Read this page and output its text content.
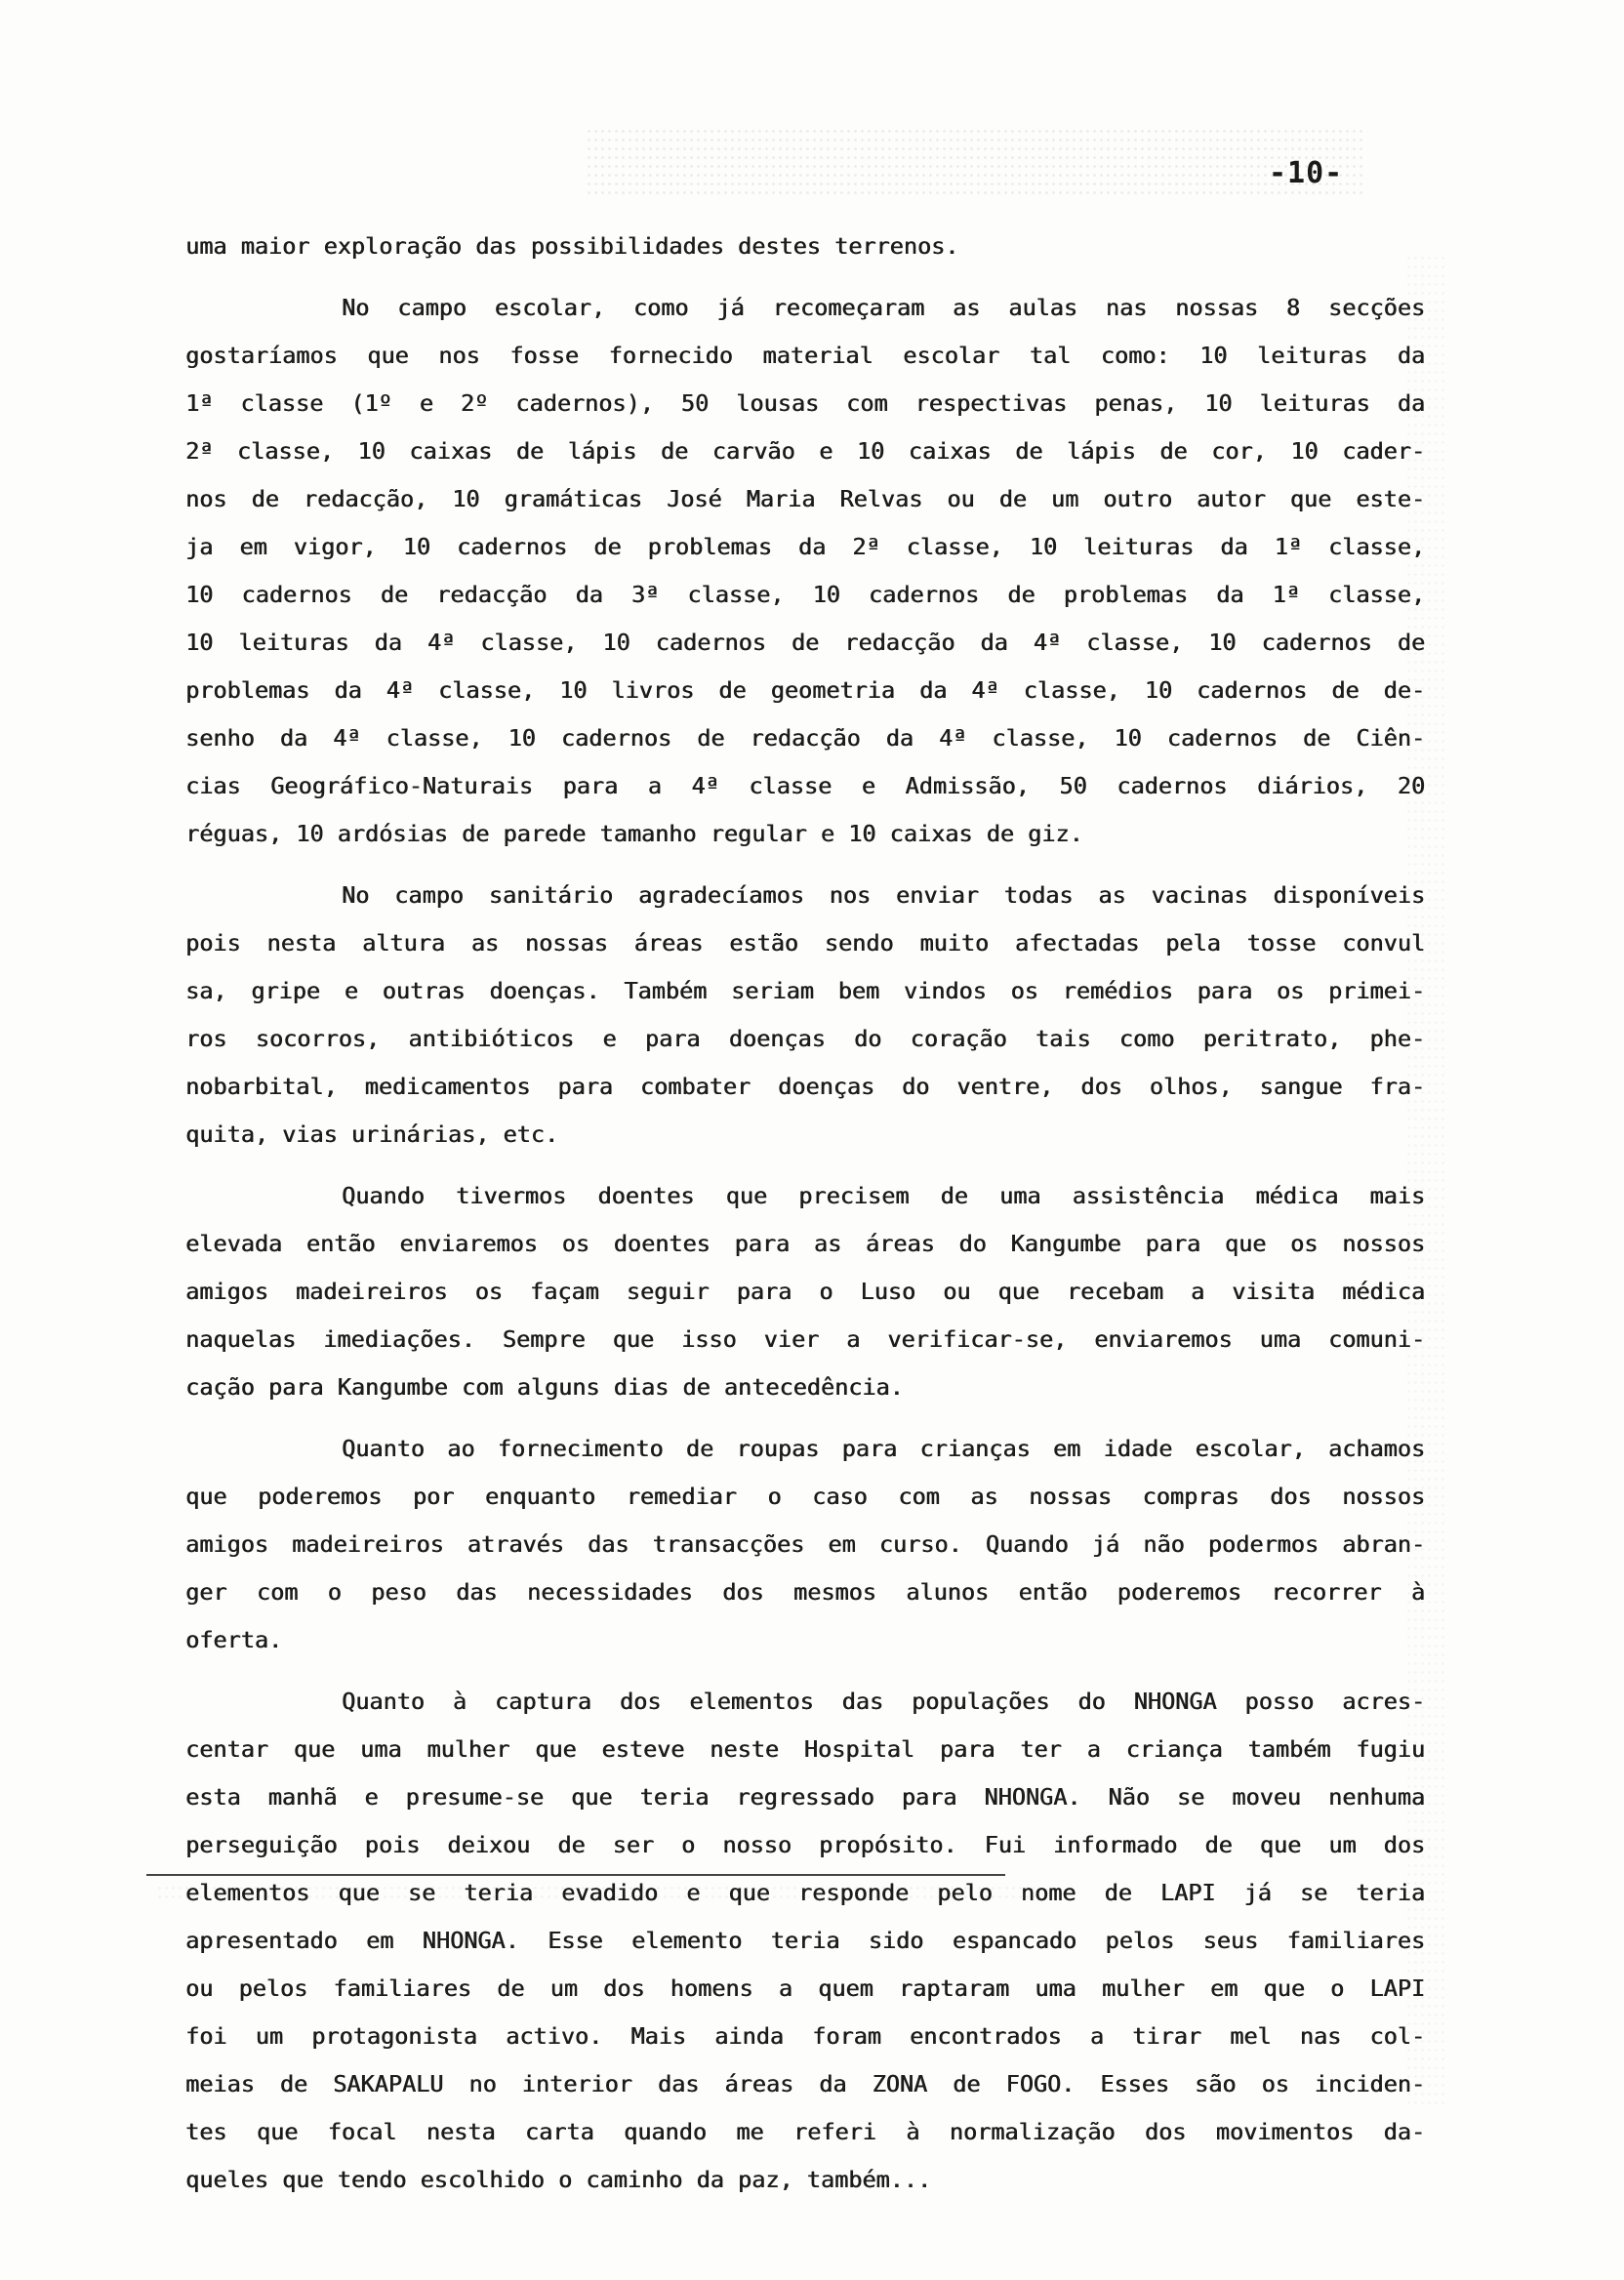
-10-
uma maior exploração das possibilidades destes terrenos.
No campo escolar, como já recomeçaram as aulas nas nossas 8 secções
gostaríamos que nos fosse fornecido material escolar tal como: 10 leituras da
1ª classe (1º e 2º cadernos), 50 lousas com respectivas penas, 10 leituras da
2ª classe, 10 caixas de lápis de carvão e 10 caixas de lápis de cor, 10 cader-
nos de redacção, 10 gramáticas José Maria Relvas ou de um outro autor que este-
ja em vigor, 10 cadernos de problemas da 2ª classe, 10 leituras da 1ª classe,
10 cadernos de redacção da 3ª classe, 10 cadernos de problemas da 1ª classe,
10 leituras da 4ª classe, 10 cadernos de redacção da 4ª classe, 10 cadernos de
problemas da 4ª classe, 10 livros de geometria da 4ª classe, 10 cadernos de de-
senho da 4ª classe, 10 cadernos de redacção da 4ª classe, 10 cadernos de Ciên-
cias Geográfico-Naturais para a 4ª classe e Admissão, 50 cadernos diários, 20
réguas, 10 ardósias de parede tamanho regular e 10 caixas de giz.
No campo sanitário agradecíamos nos enviar todas as vacinas disponíveis
pois nesta altura as nossas áreas estão sendo muito afectadas pela tosse convul
sa, gripe e outras doenças. Também seriam bem vindos os remédios para os primei-
ros socorros, antibióticos e para doenças do coração tais como peritrato, phe-
nobarbital, medicamentos para combater doenças do ventre, dos olhos, sangue fra-
quita, vias urinárias, etc.
Quando tivermos doentes que precisem de uma assistência médica mais
elevada então enviaremos os doentes para as áreas do Kangumbe para que os nossos
amigos madeireiros os façam seguir para o Luso ou que recebam a visita médica
naquelas imediações. Sempre que isso vier a verificar-se, enviaremos uma comuni-
cação para Kangumbe com alguns dias de antecedência.
Quanto ao fornecimento de roupas para crianças em idade escolar, achamos
que poderemos por enquanto remediar o caso com as nossas compras dos nossos
amigos madeireiros através das transacções em curso. Quando já não podermos abran-
ger com o peso das necessidades dos mesmos alunos então poderemos recorrer à
oferta.
Quanto à captura dos elementos das populações do NHONGA posso acres-
centar que uma mulher que esteve neste Hospital para ter a criança também fugiu
esta manhã e presume-se que teria regressado para NHONGA. Não se moveu nenhuma
perseguição pois deixou de ser o nosso propósito. Fui informado de que um dos
elementos que se teria evadido e que responde pelo nome de LAPI já se teria
apresentado em NHONGA. Esse elemento teria sido espancado pelos seus familiares
ou pelos familiares de um dos homens a quem raptaram uma mulher em que o LAPI
foi um protagonista activo. Mais ainda foram encontrados a tirar mel nas col-
meias de SAKAPALU no interior das áreas da ZONA de FOGO. Esses são os inciden-
tes que focal nesta carta quando me referi à normalização dos movimentos da-
queles que tendo escolhido o caminho da paz, também...
